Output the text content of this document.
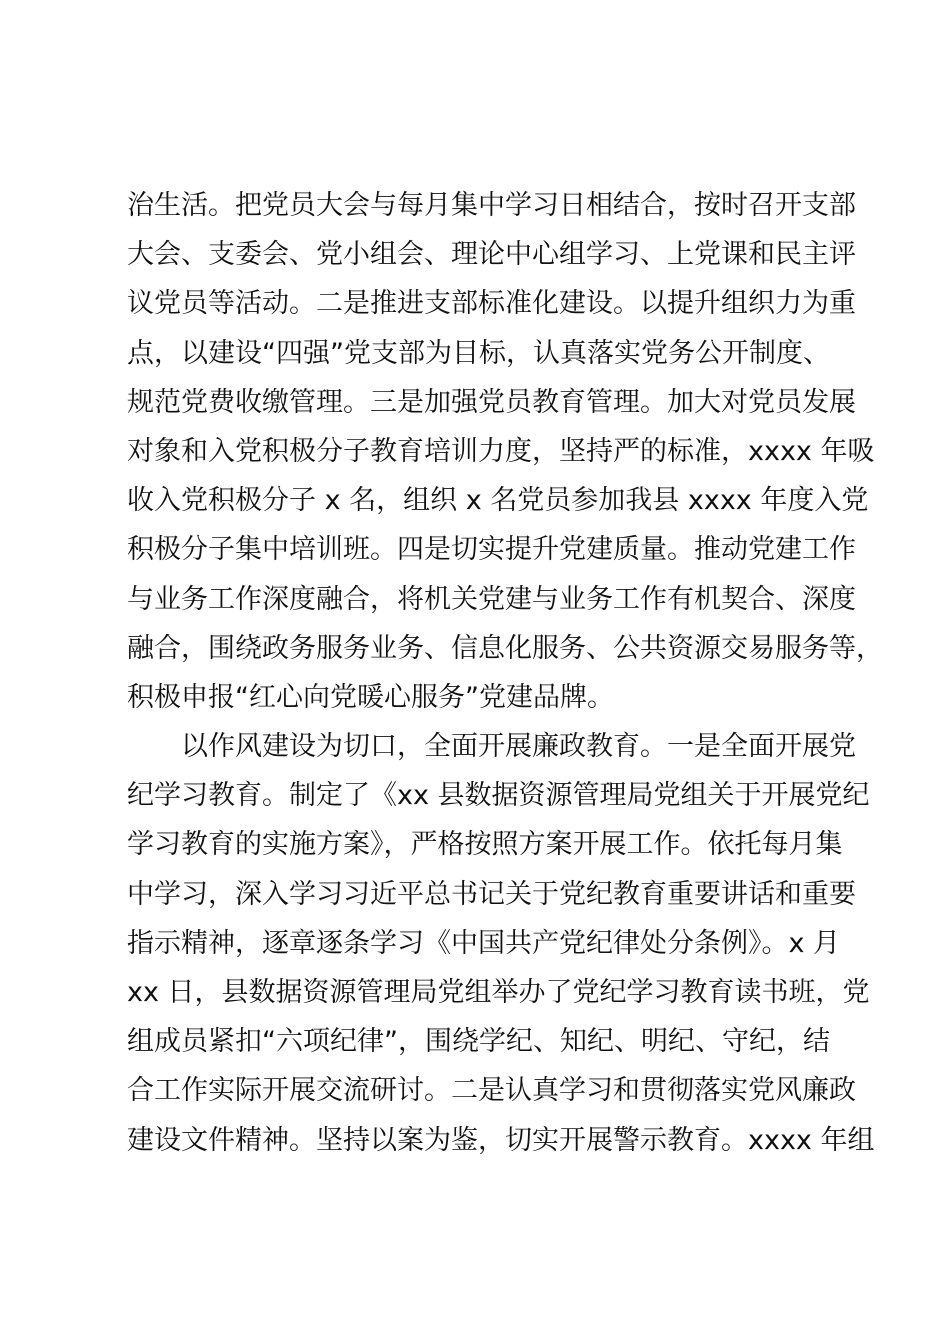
治生活。把党员大会与每月集中学习日相结合，按时召开支部
大会、支委会、党小组会、理论中心组学习、上党课和民主评
议党员等活动。二是推进支部标准化建设。以提升组织力为重
点，以建设“四强”党支部为目标，认真落实党务公开制度、
规范党费收缴管理。三是加强党员教育管理。加大对党员发展
对象和入党积极分子教育培训力度，坚持严的标准，xxxx 年吸
收入党积极分子 x 名，组织 x 名党员参加我县 xxxx 年度入党
积极分子集中培训班。四是切实提升党建质量。推动党建工作
与业务工作深度融合，将机关党建与业务工作有机契合、深度
融合，围绕政务服务业务、信息化服务、公共资源交易服务等，
积极申报“红心向党暖心服务”党建品牌。
以作风建设为切口，全面开展廉政教育。一是全面开展党
纪学习教育。制定了《xx 县数据资源管理局党组关于开展党纪
学习教育的实施方案》，严格按照方案开展工作。依托每月集
中学习，深入学习习近平总书记关于党纪教育重要讲话和重要
指示精神，逐章逐条学习《中国共产党纪律处分条例》。x 月
xx 日，县数据资源管理局党组举办了党纪学习教育读书班，党
组成员紧扣“六项纪律”，围绕学纪、知纪、明纪、守纪，结
合工作实际开展交流研讨。二是认真学习和贯彻落实党风廉政
建设文件精神。坚持以案为鉴，切实开展警示教育。xxxx 年组
